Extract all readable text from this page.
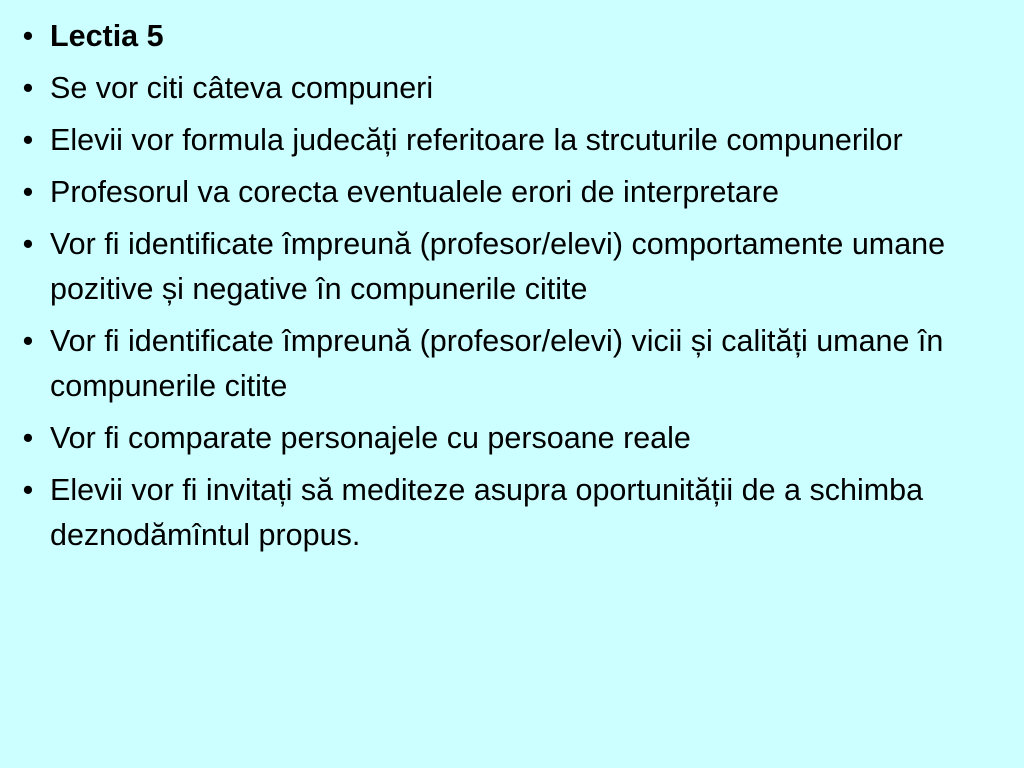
• Lectia 5
• Se vor citi câteva compuneri
• Elevii vor formula judecăți referitoare la strcuturile compunerilor
• Profesorul va corecta eventualele erori de interpretare
• Vor fi identificate împreună (profesor/elevi) comportamente umane pozitive și negative în compunerile citite
• Vor fi identificate împreună (profesor/elevi) vicii și calități umane în compunerile citite
• Vor fi comparate personajele cu persoane reale
• Elevii vor fi invitați să mediteze asupra oportunității de a schimba deznodămîntul propus.
